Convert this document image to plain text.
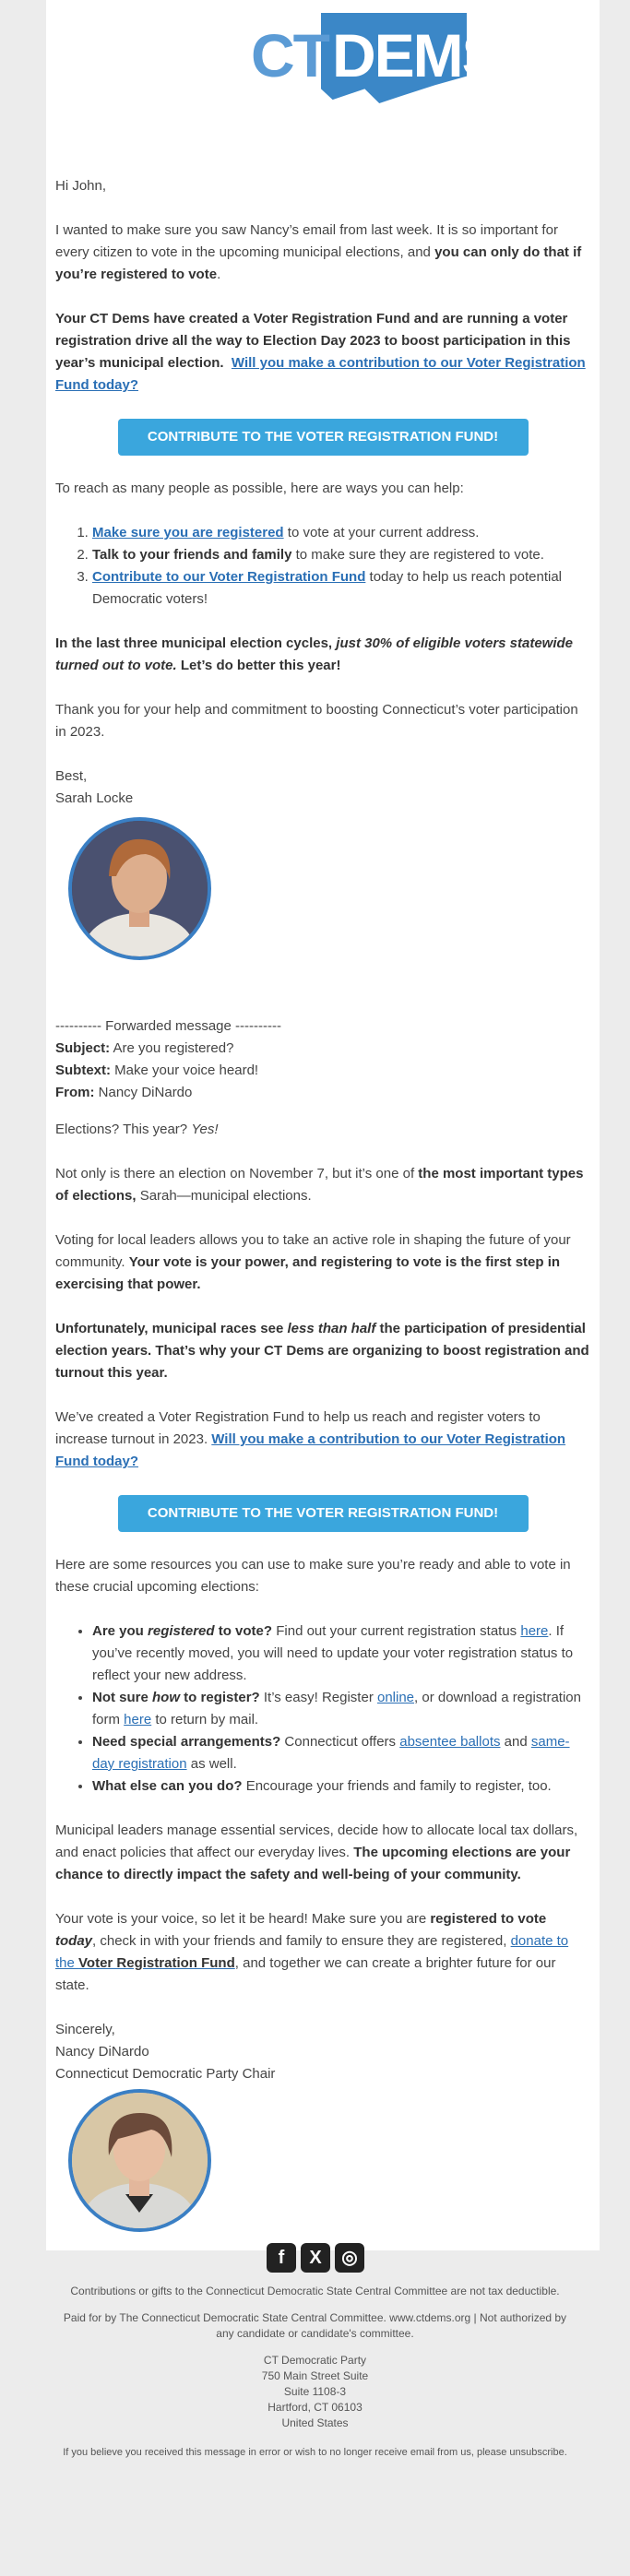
CT DEMS

Hi John,

I wanted to make sure you saw Nancy’s email from last week. It is so important for every citizen to vote in the upcoming municipal elections, and you can only do that if you’re registered to vote.

Your CT Dems have created a Voter Registration Fund and are running a voter registration drive all the way to Election Day 2023 to boost participation in this year’s municipal election. Will you make a contribution to our Voter Registration Fund today?

CONTRIBUTE TO THE VOTER REGISTRATION FUND!

To reach as many people as possible, here are ways you can help:

1. Make sure you are registered to vote at your current address.
2. Talk to your friends and family to make sure they are registered to vote.
3. Contribute to our Voter Registration Fund today to help us reach potential Democratic voters!

In the last three municipal election cycles, just 30% of eligible voters statewide turned out to vote. Let’s do better this year!

Thank you for your help and commitment to boosting Connecticut’s voter participation in 2023.

Best,
Sarah Locke

---------- Forwarded message ----------
Subject: Are you registered?
Subtext: Make your voice heard!
From: Nancy DiNardo

Elections? This year? Yes!

Not only is there an election on November 7, but it’s one of the most important types of elections, Sarah—municipal elections.

Voting for local leaders allows you to take an active role in shaping the future of your community. Your vote is your power, and registering to vote is the first step in exercising that power.

Unfortunately, municipal races see less than half the participation of presidential election years. That’s why your CT Dems are organizing to boost registration and turnout this year.

We’ve created a Voter Registration Fund to help us reach and register voters to increase turnout in 2023. Will you make a contribution to our Voter Registration Fund today?

CONTRIBUTE TO THE VOTER REGISTRATION FUND!

Here are some resources you can use to make sure you’re ready and able to vote in these crucial upcoming elections:

• Are you registered to vote? Find out your current registration status here. If you’ve recently moved, you will need to update your voter registration status to reflect your new address.
• Not sure how to register? It’s easy! Register online, or download a registration form here to return by mail.
• Need special arrangements? Connecticut offers absentee ballots and same-day registration as well.
• What else can you do? Encourage your friends and family to register, too.

Municipal leaders manage essential services, decide how to allocate local tax dollars, and enact policies that affect our everyday lives. The upcoming elections are your chance to directly impact the safety and well-being of your community.

Your vote is your voice, so let it be heard! Make sure you are registered to vote today, check in with your friends and family to ensure they are registered, donate to the Voter Registration Fund, and together we can create a brighter future for our state.

Sincerely,
Nancy DiNardo
Connecticut Democratic Party Chair

f	X	◎
Contributions or gifts to the Connecticut Democratic State Central Committee are not tax deductible.
Paid for by The Connecticut Democratic State Central Committee. www.ctdems.org | Not authorized by any candidate or candidate's committee.
CT Democratic Party
750 Main Street Suite
Suite 1108-3
Hartford, CT 06103
United States
If you believe you received this message in error or wish to no longer receive email from us, please unsubscribe.
